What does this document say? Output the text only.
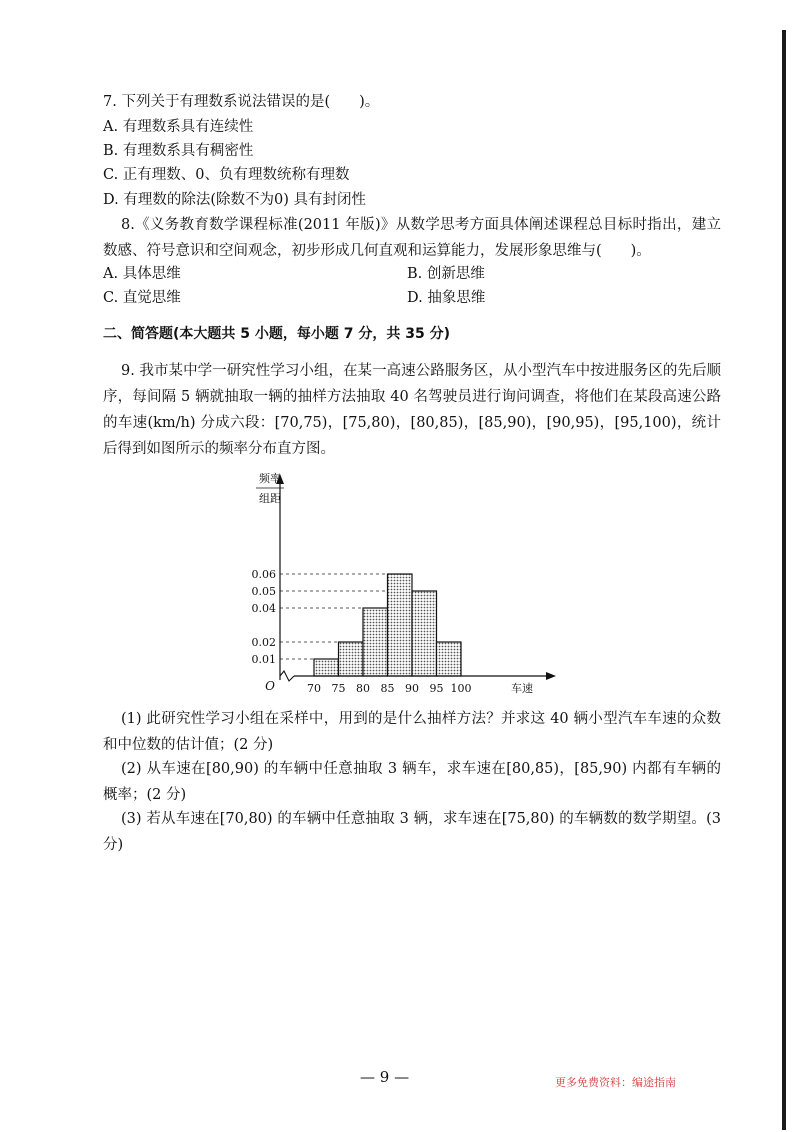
7. 下列关于有理数系说法错误的是(　　)。

A. 有理数系具有连续性

B. 有理数系具有稠密性

C. 正有理数、0、负有理数统称有理数

D. 有理数的除法(除数不为0) 具有封闭性

8.《义务教育数学课程标准(2011 年版)》从数学思考方面具体阐述课程总目标时指出，建立数感、符号意识和空间观念，初步形成几何直观和运算能力，发展形象思维与(　　)。

A. 具体思维	B. 创新思维

C. 直觉思维	D. 抽象思维

二、简答题(本大题共 5 小题，每小题 7 分，共 35 分)

9. 我市某中学一研究性学习小组，在某一高速公路服务区，从小型汽车中按进服务区的先后顺序，每间隔 5 辆就抽取一辆的抽样方法抽取 40 名驾驶员进行询问调查，将他们在某段高速公路的车速(km/h) 分成六段：[70,75)，[75,80)，[80,85)，[85,90)，[90,95)，[95,100)，统计后得到如图所示的频率分布直方图。

0.01
0.02
0.04
0.05
0.06
70 75 80 85 90 95 100
O
频率
组距
车速

(1) 此研究性学习小组在采样中，用到的是什么抽样方法？并求这 40 辆小型汽车车速的众数和中位数的估计值；(2 分)

(2) 从车速在[80,90) 的车辆中任意抽取 3 辆车，求车速在[80,85)，[85,90) 内都有车辆的概率；(2 分)

(3) 若从车速在[70,80) 的车辆中任意抽取 3 辆，求车速在[75,80) 的车辆数的数学期望。(3 分)

— 9 —	更多免费资料：编途指南
